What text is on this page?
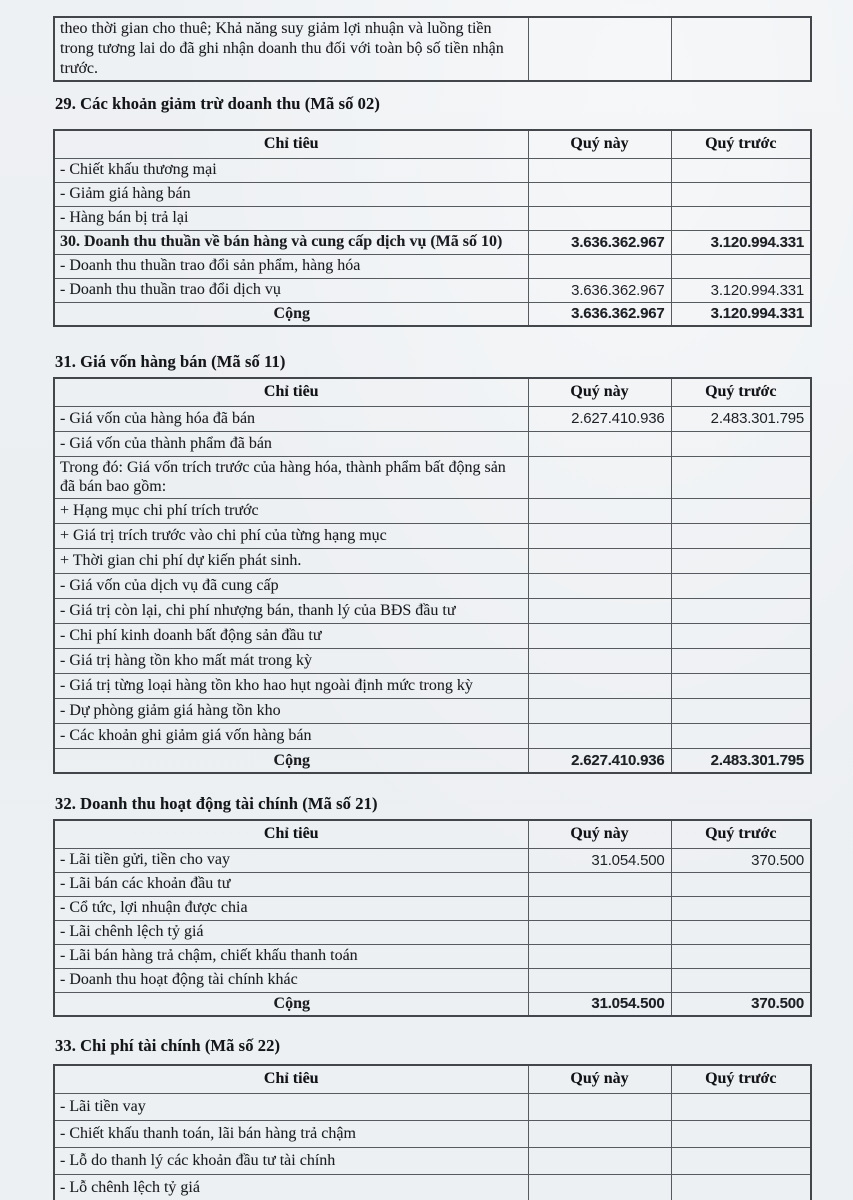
theo thời gian cho thuê; Khả năng suy giảm lợi nhuận và luồng tiền trong tương lai do đã ghi nhận doanh thu đối với toàn bộ số tiền nhận trước.		
29. Các khoản giảm trừ doanh thu (Mã số 02)
31. Giá vốn hàng bán (Mã số 11)
32. Doanh thu hoạt động tài chính (Mã số 21)
33. Chi phí tài chính (Mã số 22)
Chỉ tiêu	Quý này	Quý trước
- Chiết khấu thương mại		
- Giảm giá hàng bán		
- Hàng bán bị trả lại		
30. Doanh thu thuần về bán hàng và cung cấp dịch vụ (Mã số 10)	3.636.362.967	3.120.994.331
- Doanh thu thuần trao đổi sản phẩm, hàng hóa		
- Doanh thu thuần trao đổi dịch vụ	3.636.362.967	3.120.994.331
Cộng	3.636.362.967	3.120.994.331
Chỉ tiêu	Quý này	Quý trước
- Giá vốn của hàng hóa đã bán	2.627.410.936	2.483.301.795
- Giá vốn của thành phẩm đã bán		
Trong đó: Giá vốn trích trước của hàng hóa, thành phẩm bất động sản đã bán bao gồm:		
+ Hạng mục chi phí trích trước		
+ Giá trị trích trước vào chi phí của từng hạng mục		
+ Thời gian chi phí dự kiến phát sinh.		
- Giá vốn của dịch vụ đã cung cấp		
- Giá trị còn lại, chi phí nhượng bán, thanh lý của BĐS đầu tư		
- Chi phí kinh doanh bất động sản đầu tư		
- Giá trị hàng tồn kho mất mát trong kỳ		
- Giá trị từng loại hàng tồn kho hao hụt ngoài định mức trong kỳ		
- Dự phòng giảm giá hàng tồn kho		
- Các khoản ghi giảm giá vốn hàng bán		
Cộng	2.627.410.936	2.483.301.795
Chỉ tiêu	Quý này	Quý trước
- Lãi tiền gửi, tiền cho vay	31.054.500	370.500
- Lãi bán các khoản đầu tư		
- Cổ tức, lợi nhuận được chia		
- Lãi chênh lệch tỷ giá		
- Lãi bán hàng trả chậm, chiết khấu thanh toán		
- Doanh thu hoạt động tài chính khác		
Cộng	31.054.500	370.500
Chỉ tiêu	Quý này	Quý trước
- Lãi tiền vay		
- Chiết khấu thanh toán, lãi bán hàng trả chậm		
- Lỗ do thanh lý các khoản đầu tư tài chính		
- Lỗ chênh lệch tỷ giá		
